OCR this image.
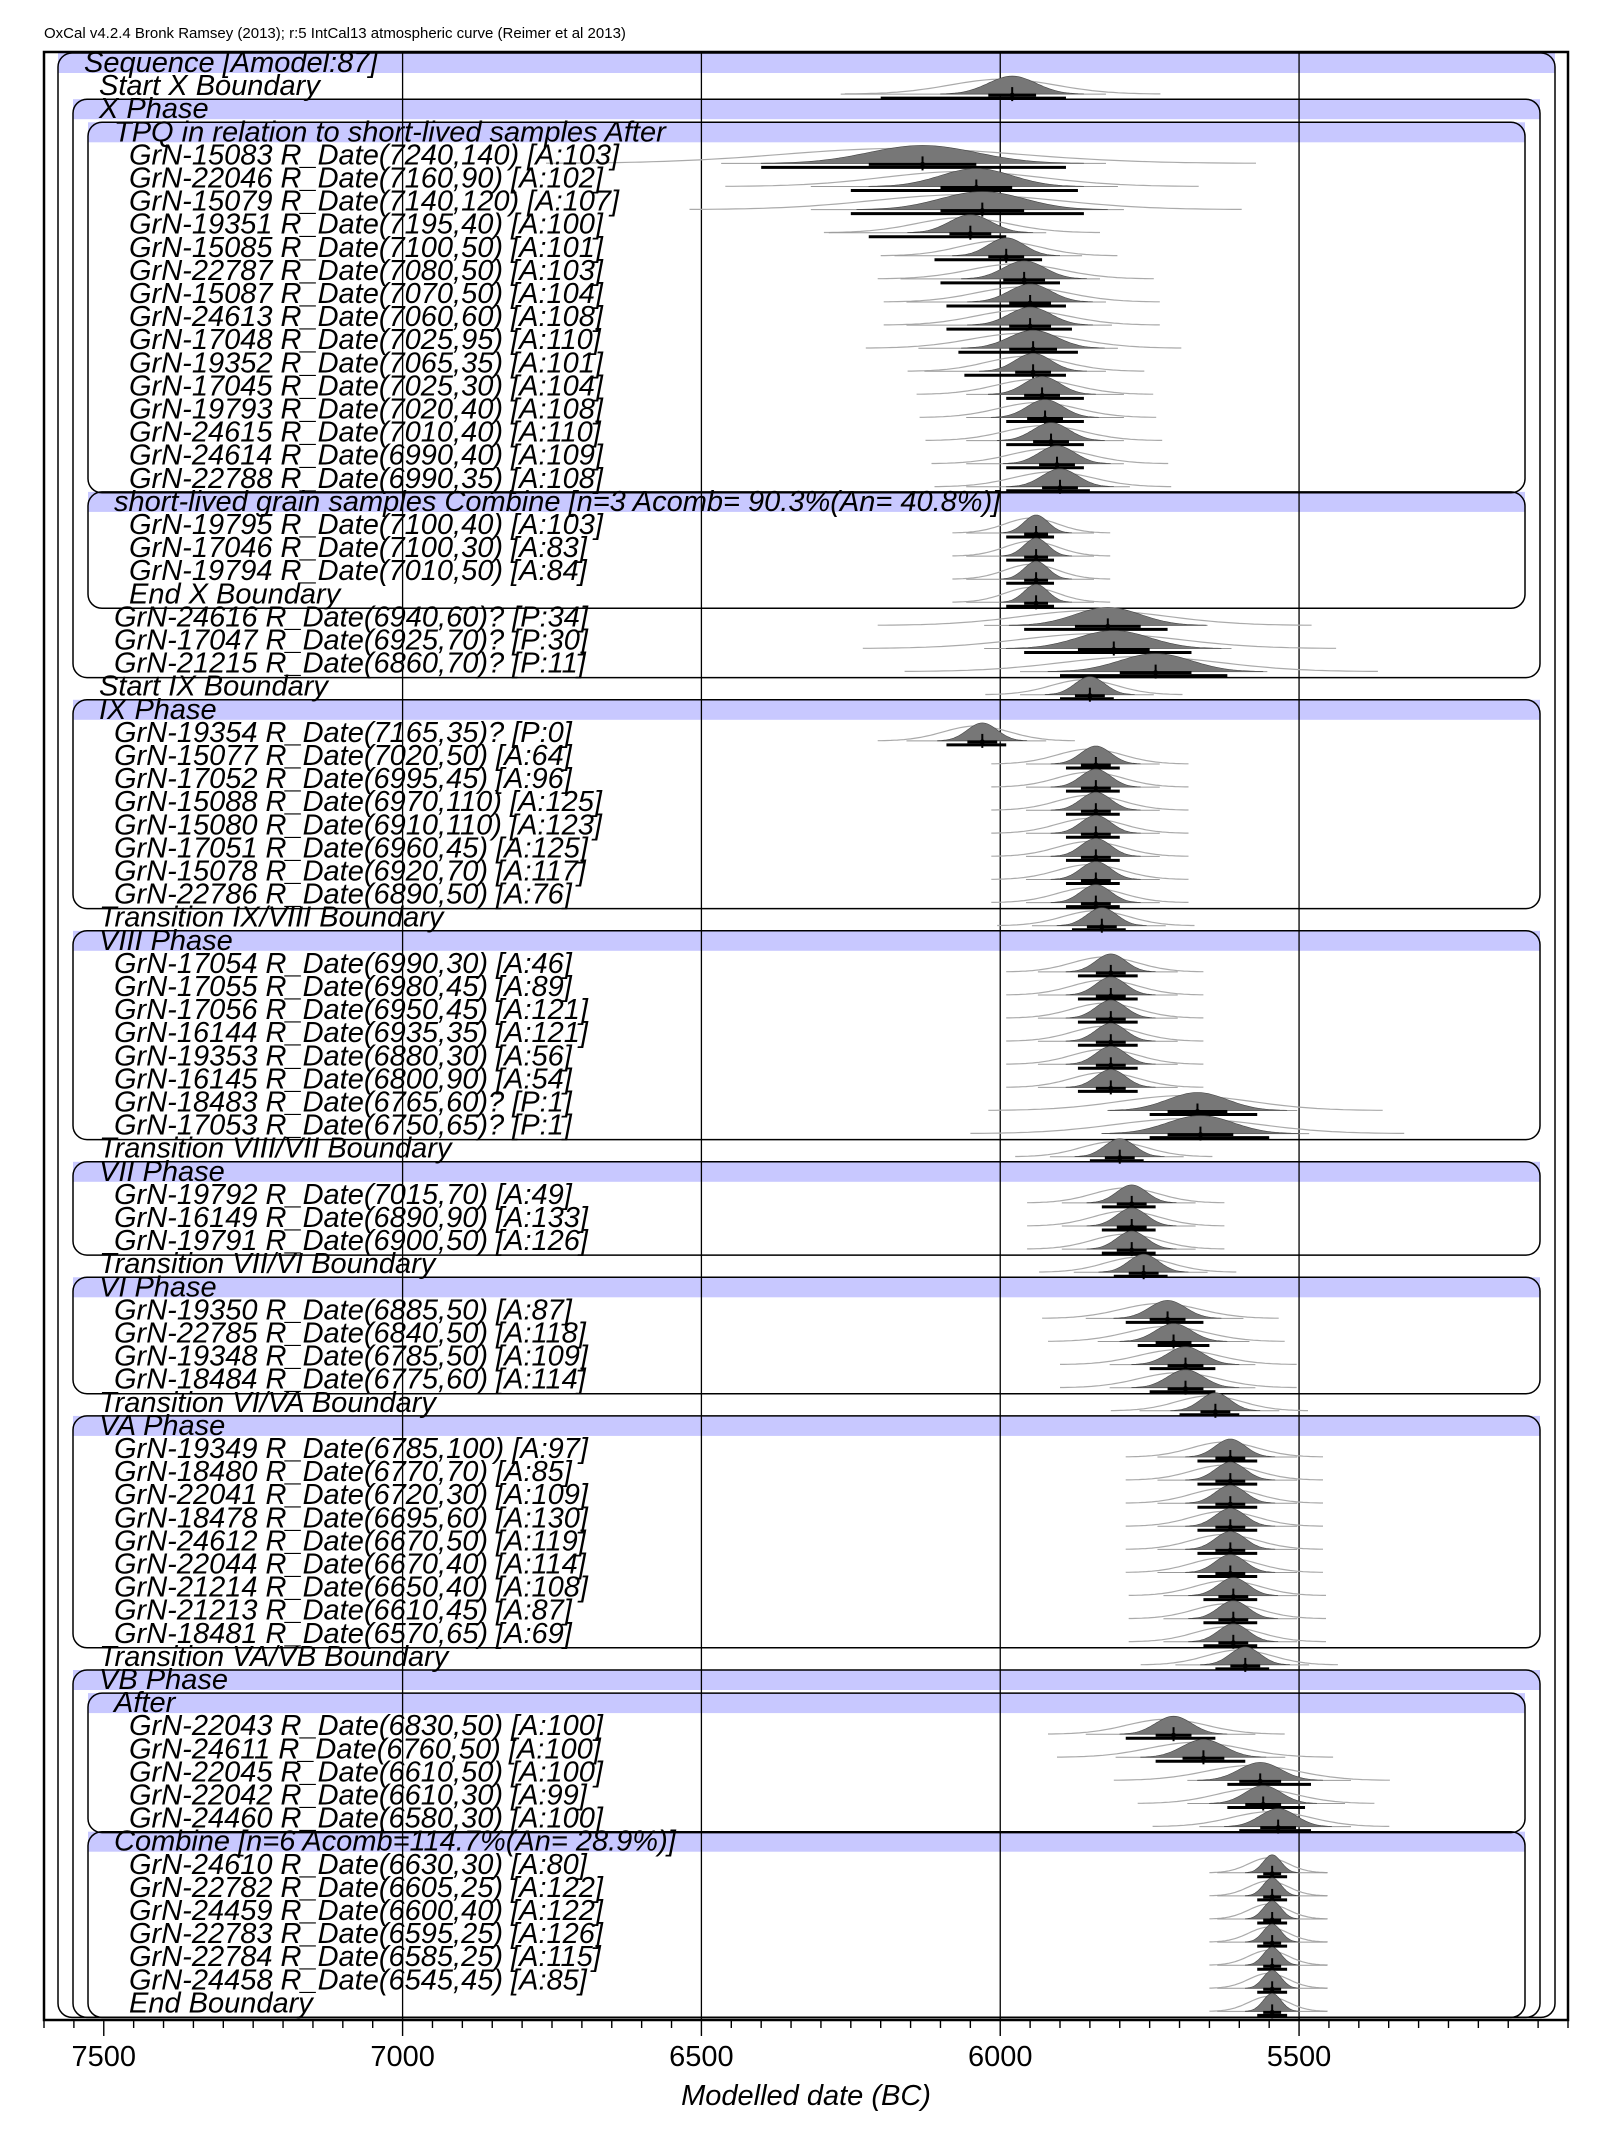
OxCal v4.2.4 Bronk Ramsey (2013); r:5 IntCal13 atmospheric curve (Reimer et al 2013)
Sequence [Amodel:87]
Start X Boundary
X Phase
TPQ in relation to short-lived samples After
GrN-15083 R_Date(7240,140) [A:103]
GrN-22046 R_Date(7160,90) [A:102]
GrN-15079 R_Date(7140,120) [A:107]
GrN-19351 R_Date(7195,40) [A:100]
GrN-15085 R_Date(7100,50) [A:101]
GrN-22787 R_Date(7080,50) [A:103]
GrN-15087 R_Date(7070,50) [A:104]
GrN-24613 R_Date(7060,60) [A:108]
GrN-17048 R_Date(7025,95) [A:110]
GrN-19352 R_Date(7065,35) [A:101]
GrN-17045 R_Date(7025,30) [A:104]
GrN-19793 R_Date(7020,40) [A:108]
GrN-24615 R_Date(7010,40) [A:110]
GrN-24614 R_Date(6990,40) [A:109]
GrN-22788 R_Date(6990,35) [A:108]
short-lived grain samples Combine [n=3 Acomb= 90.3%(An= 40.8%)]
GrN-19795 R_Date(7100,40) [A:103]
GrN-17046 R_Date(7100,30) [A:83]
GrN-19794 R_Date(7010,50) [A:84]
End X Boundary
GrN-24616 R_Date(6940,60)? [P:34]
GrN-17047 R_Date(6925,70)? [P:30]
GrN-21215 R_Date(6860,70)? [P:11]
Start IX Boundary
IX Phase
GrN-19354 R_Date(7165,35)? [P:0]
GrN-15077 R_Date(7020,50) [A:64]
GrN-17052 R_Date(6995,45) [A:96]
GrN-15088 R_Date(6970,110) [A:125]
GrN-15080 R_Date(6910,110) [A:123]
GrN-17051 R_Date(6960,45) [A:125]
GrN-15078 R_Date(6920,70) [A:117]
GrN-22786 R_Date(6890,50) [A:76]
Transition IX/VIII Boundary
VIII Phase
GrN-17054 R_Date(6990,30) [A:46]
GrN-17055 R_Date(6980,45) [A:89]
GrN-17056 R_Date(6950,45) [A:121]
GrN-16144 R_Date(6935,35) [A:121]
GrN-19353 R_Date(6880,30) [A:56]
GrN-16145 R_Date(6800,90) [A:54]
GrN-18483 R_Date(6765,60)? [P:1]
GrN-17053 R_Date(6750,65)? [P:1]
Transition VIII/VII Boundary
VII Phase
GrN-19792 R_Date(7015,70) [A:49]
GrN-16149 R_Date(6890,90) [A:133]
GrN-19791 R_Date(6900,50) [A:126]
Transition VII/VI Boundary
VI Phase
GrN-19350 R_Date(6885,50) [A:87]
GrN-22785 R_Date(6840,50) [A:118]
GrN-19348 R_Date(6785,50) [A:109]
GrN-18484 R_Date(6775,60) [A:114]
Transition VI/VA Boundary
VA Phase
GrN-19349 R_Date(6785,100) [A:97]
GrN-18480 R_Date(6770,70) [A:85]
GrN-22041 R_Date(6720,30) [A:109]
GrN-18478 R_Date(6695,60) [A:130]
GrN-24612 R_Date(6670,50) [A:119]
GrN-22044 R_Date(6670,40) [A:114]
GrN-21214 R_Date(6650,40) [A:108]
GrN-21213 R_Date(6610,45) [A:87]
GrN-18481 R_Date(6570,65) [A:69]
Transition VA/VB Boundary
VB Phase
After
GrN-22043 R_Date(6830,50) [A:100]
GrN-24611 R_Date(6760,50) [A:100]
GrN-22045 R_Date(6610,50) [A:100]
GrN-22042 R_Date(6610,30) [A:99]
GrN-24460 R_Date(6580,30) [A:100]
Combine [n=6 Acomb=114.7%(An= 28.9%)]
GrN-24610 R_Date(6630,30) [A:80]
GrN-22782 R_Date(6605,25) [A:122]
GrN-24459 R_Date(6600,40) [A:122]
GrN-22783 R_Date(6595,25) [A:126]
GrN-22784 R_Date(6585,25) [A:115]
GrN-24458 R_Date(6545,45) [A:85]
End Boundary
7500	7000	6500	6000	5500
Modelled date (BC)
